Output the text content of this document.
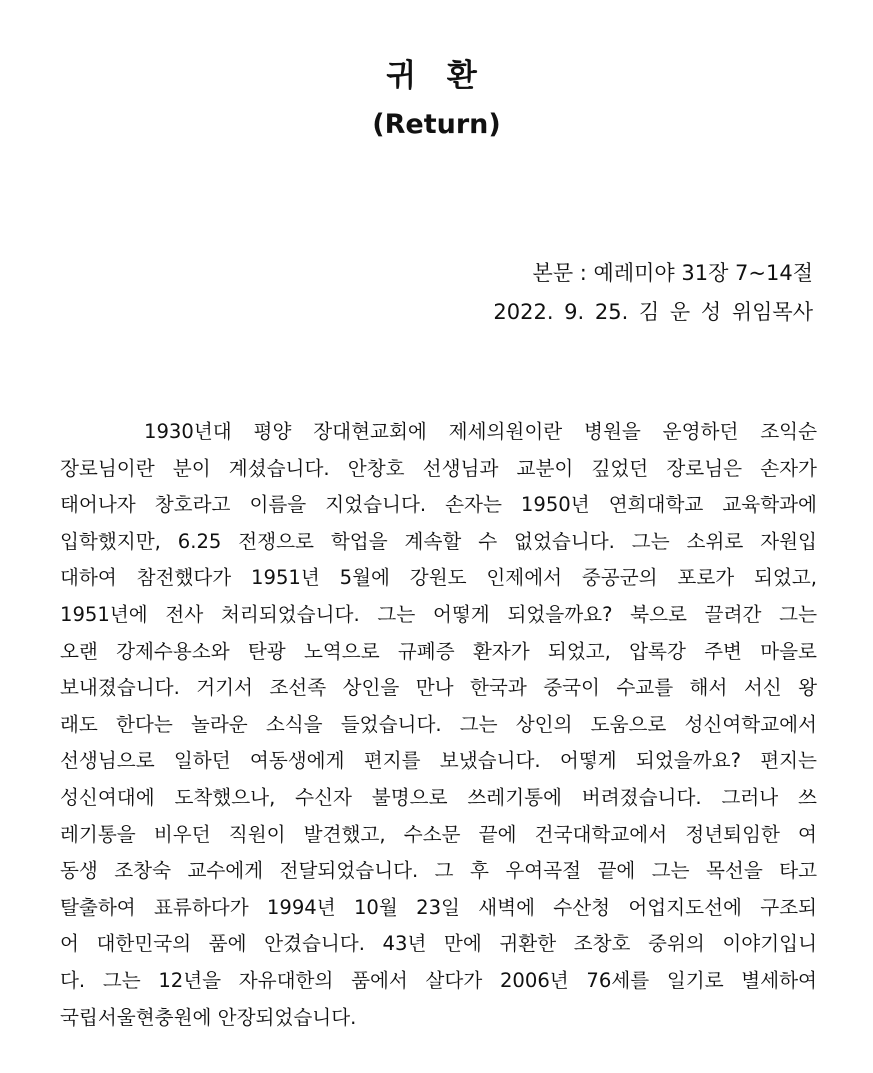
귀 환
(Return)
본문 : 예레미야 31장 7~14절
2022. 9. 25. 김 운 성 위임목사
1930년대 평양 장대현교회에 제세의원이란 병원을 운영하던 조익순
장로님이란 분이 계셨습니다. 안창호 선생님과 교분이 깊었던 장로님은 손자가
태어나자 창호라고 이름을 지었습니다. 손자는 1950년 연희대학교 교육학과에
입학했지만, 6.25 전쟁으로 학업을 계속할 수 없었습니다. 그는 소위로 자원입
대하여 참전했다가 1951년 5월에 강원도 인제에서 중공군의 포로가 되었고,
1951년에 전사 처리되었습니다. 그는 어떻게 되었을까요? 북으로 끌려간 그는
오랜 강제수용소와 탄광 노역으로 규폐증 환자가 되었고, 압록강 주변 마을로
보내졌습니다. 거기서 조선족 상인을 만나 한국과 중국이 수교를 해서 서신 왕
래도 한다는 놀라운 소식을 들었습니다. 그는 상인의 도움으로 성신여학교에서
선생님으로 일하던 여동생에게 편지를 보냈습니다. 어떻게 되었을까요? 편지는
성신여대에 도착했으나, 수신자 불명으로 쓰레기통에 버려졌습니다. 그러나 쓰
레기통을 비우던 직원이 발견했고, 수소문 끝에 건국대학교에서 정년퇴임한 여
동생 조창숙 교수에게 전달되었습니다. 그 후 우여곡절 끝에 그는 목선을 타고
탈출하여 표류하다가 1994년 10월 23일 새벽에 수산청 어업지도선에 구조되
어 대한민국의 품에 안겼습니다. 43년 만에 귀환한 조창호 중위의 이야기입니
다. 그는 12년을 자유대한의 품에서 살다가 2006년 76세를 일기로 별세하여
국립서울현충원에 안장되었습니다.
